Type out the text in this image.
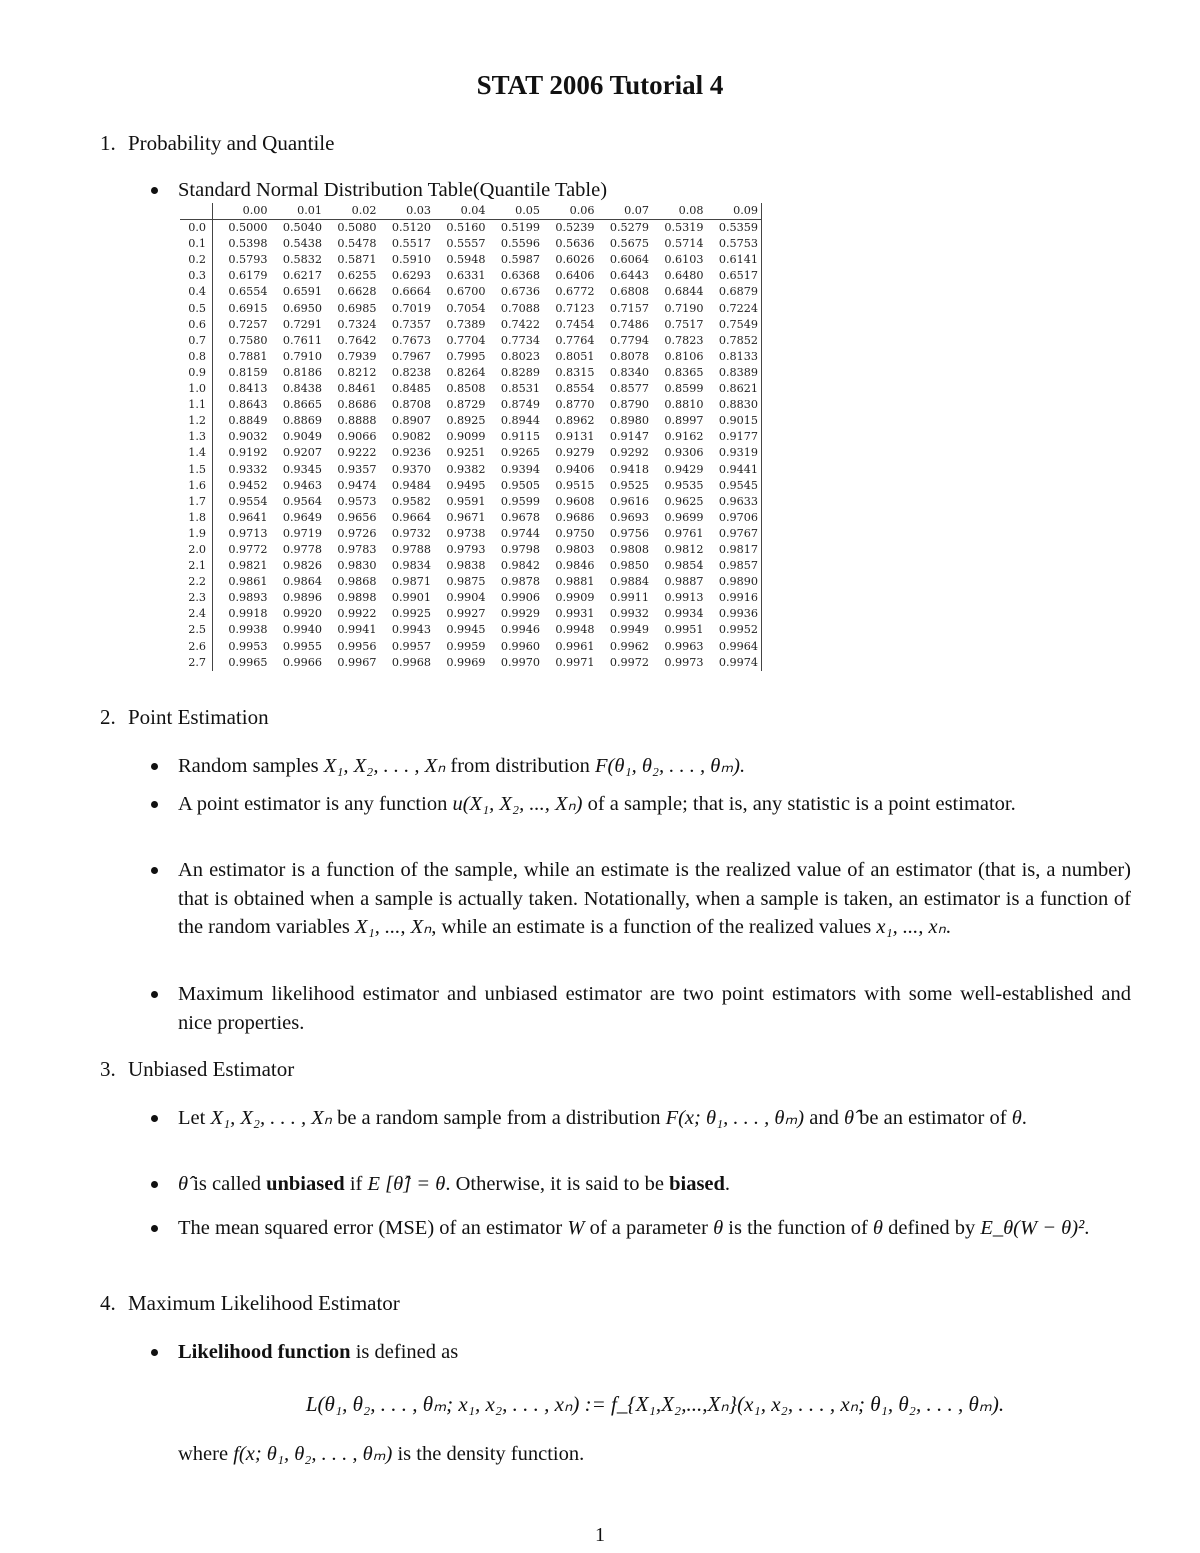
STAT 2006 Tutorial 4
1. Probability and Quantile
Standard Normal Distribution Table(Quantile Table)
	0.00	0.01	0.02	0.03	0.04	0.05	0.06	0.07	0.08	0.09
0.0	0.5000	0.5040	0.5080	0.5120	0.5160	0.5199	0.5239	0.5279	0.5319	0.5359
0.1	0.5398	0.5438	0.5478	0.5517	0.5557	0.5596	0.5636	0.5675	0.5714	0.5753
0.2	0.5793	0.5832	0.5871	0.5910	0.5948	0.5987	0.6026	0.6064	0.6103	0.6141
0.3	0.6179	0.6217	0.6255	0.6293	0.6331	0.6368	0.6406	0.6443	0.6480	0.6517
0.4	0.6554	0.6591	0.6628	0.6664	0.6700	0.6736	0.6772	0.6808	0.6844	0.6879
0.5	0.6915	0.6950	0.6985	0.7019	0.7054	0.7088	0.7123	0.7157	0.7190	0.7224
0.6	0.7257	0.7291	0.7324	0.7357	0.7389	0.7422	0.7454	0.7486	0.7517	0.7549
0.7	0.7580	0.7611	0.7642	0.7673	0.7704	0.7734	0.7764	0.7794	0.7823	0.7852
0.8	0.7881	0.7910	0.7939	0.7967	0.7995	0.8023	0.8051	0.8078	0.8106	0.8133
0.9	0.8159	0.8186	0.8212	0.8238	0.8264	0.8289	0.8315	0.8340	0.8365	0.8389
1.0	0.8413	0.8438	0.8461	0.8485	0.8508	0.8531	0.8554	0.8577	0.8599	0.8621
1.1	0.8643	0.8665	0.8686	0.8708	0.8729	0.8749	0.8770	0.8790	0.8810	0.8830
1.2	0.8849	0.8869	0.8888	0.8907	0.8925	0.8944	0.8962	0.8980	0.8997	0.9015
1.3	0.9032	0.9049	0.9066	0.9082	0.9099	0.9115	0.9131	0.9147	0.9162	0.9177
1.4	0.9192	0.9207	0.9222	0.9236	0.9251	0.9265	0.9279	0.9292	0.9306	0.9319
1.5	0.9332	0.9345	0.9357	0.9370	0.9382	0.9394	0.9406	0.9418	0.9429	0.9441
1.6	0.9452	0.9463	0.9474	0.9484	0.9495	0.9505	0.9515	0.9525	0.9535	0.9545
1.7	0.9554	0.9564	0.9573	0.9582	0.9591	0.9599	0.9608	0.9616	0.9625	0.9633
1.8	0.9641	0.9649	0.9656	0.9664	0.9671	0.9678	0.9686	0.9693	0.9699	0.9706
1.9	0.9713	0.9719	0.9726	0.9732	0.9738	0.9744	0.9750	0.9756	0.9761	0.9767
2.0	0.9772	0.9778	0.9783	0.9788	0.9793	0.9798	0.9803	0.9808	0.9812	0.9817
2.1	0.9821	0.9826	0.9830	0.9834	0.9838	0.9842	0.9846	0.9850	0.9854	0.9857
2.2	0.9861	0.9864	0.9868	0.9871	0.9875	0.9878	0.9881	0.9884	0.9887	0.9890
2.3	0.9893	0.9896	0.9898	0.9901	0.9904	0.9906	0.9909	0.9911	0.9913	0.9916
2.4	0.9918	0.9920	0.9922	0.9925	0.9927	0.9929	0.9931	0.9932	0.9934	0.9936
2.5	0.9938	0.9940	0.9941	0.9943	0.9945	0.9946	0.9948	0.9949	0.9951	0.9952
2.6	0.9953	0.9955	0.9956	0.9957	0.9959	0.9960	0.9961	0.9962	0.9963	0.9964
2.7	0.9965	0.9966	0.9967	0.9968	0.9969	0.9970	0.9971	0.9972	0.9973	0.9974
2. Point Estimation
Random samples X₁, X₂, . . . , Xₙ from distribution F(θ₁, θ₂, . . . , θₘ).
A point estimator is any function u(X₁, X₂, ..., Xₙ) of a sample; that is, any statistic is a point estimator.
An estimator is a function of the sample, while an estimate is the realized value of an estimator (that is, a number) that is obtained when a sample is actually taken. Notationally, when a sample is taken, an estimator is a function of the random variables X₁, ..., Xₙ, while an estimate is a function of the realized values x₁, ..., xₙ.
Maximum likelihood estimator and unbiased estimator are two point estimators with some well-established and nice properties.
3. Unbiased Estimator
Let X₁, X₂, . . . , Xₙ be a random sample from a distribution F(x; θ₁, . . . , θₘ) and θ̂ be an estimator of θ.
θ̂ is called unbiased if E [θ̂] = θ. Otherwise, it is said to be biased.
The mean squared error (MSE) of an estimator W of a parameter θ is the function of θ defined by E_θ(W − θ)².
4. Maximum Likelihood Estimator
Likelihood function is defined as
L(θ₁, θ₂, . . . , θₘ; x₁, x₂, . . . , xₙ) := f_{X₁,X₂,...,Xₙ}(x₁, x₂, . . . , xₙ; θ₁, θ₂, . . . , θₘ).
where f(x; θ₁, θ₂, . . . , θₘ) is the density function.
1
